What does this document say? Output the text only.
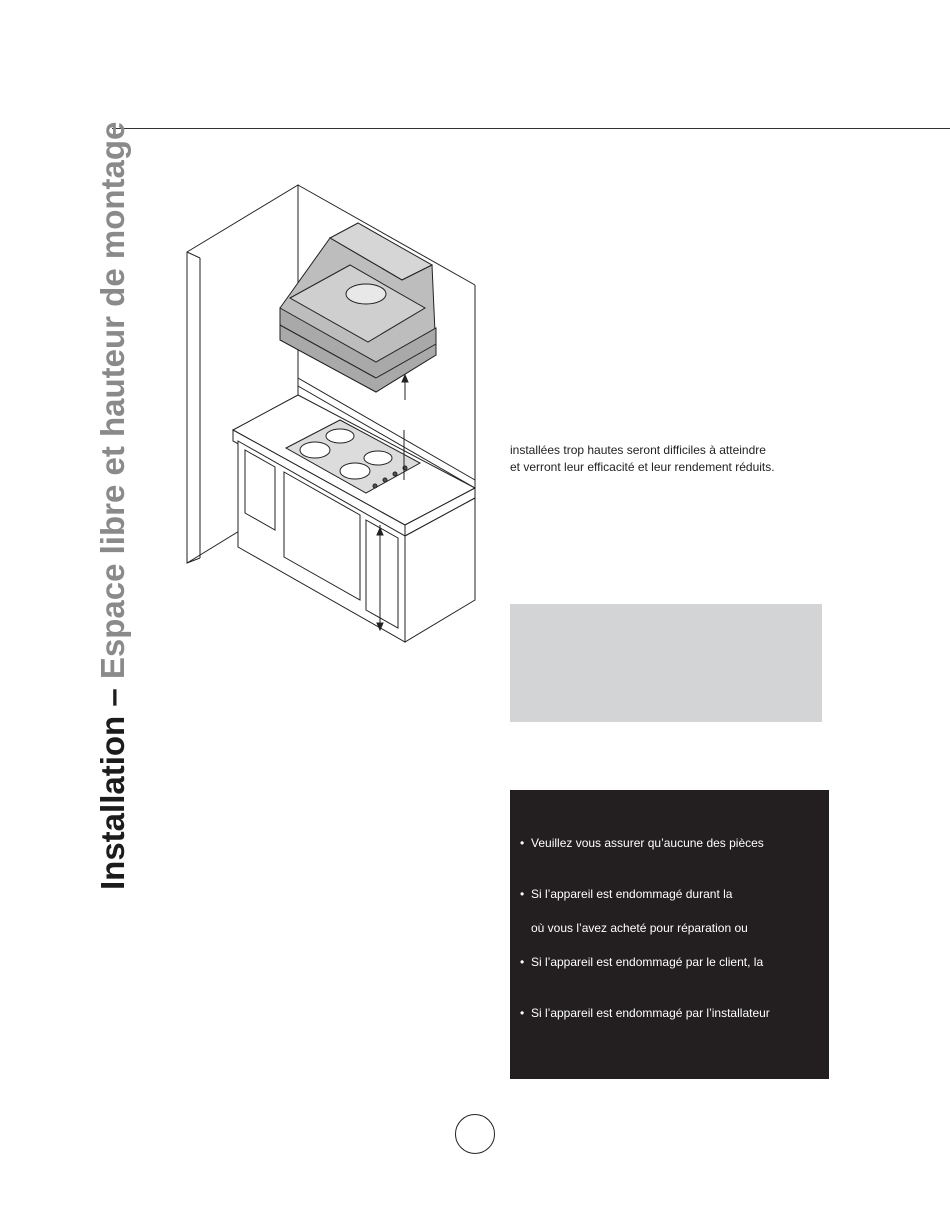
Installation – Espace libre et hauteur de montage	installées trop hautes seront difficiles à atteindre

et verront leur efficacité et leur rendement réduits.

• Veuillez vous assurer qu’aucune des pièces
• Si l’appareil est endommagé durant la
où vous l’avez acheté pour réparation ou
• Si l’appareil est endommagé par le client, la
• Si l’appareil est endommagé par l’installateur
